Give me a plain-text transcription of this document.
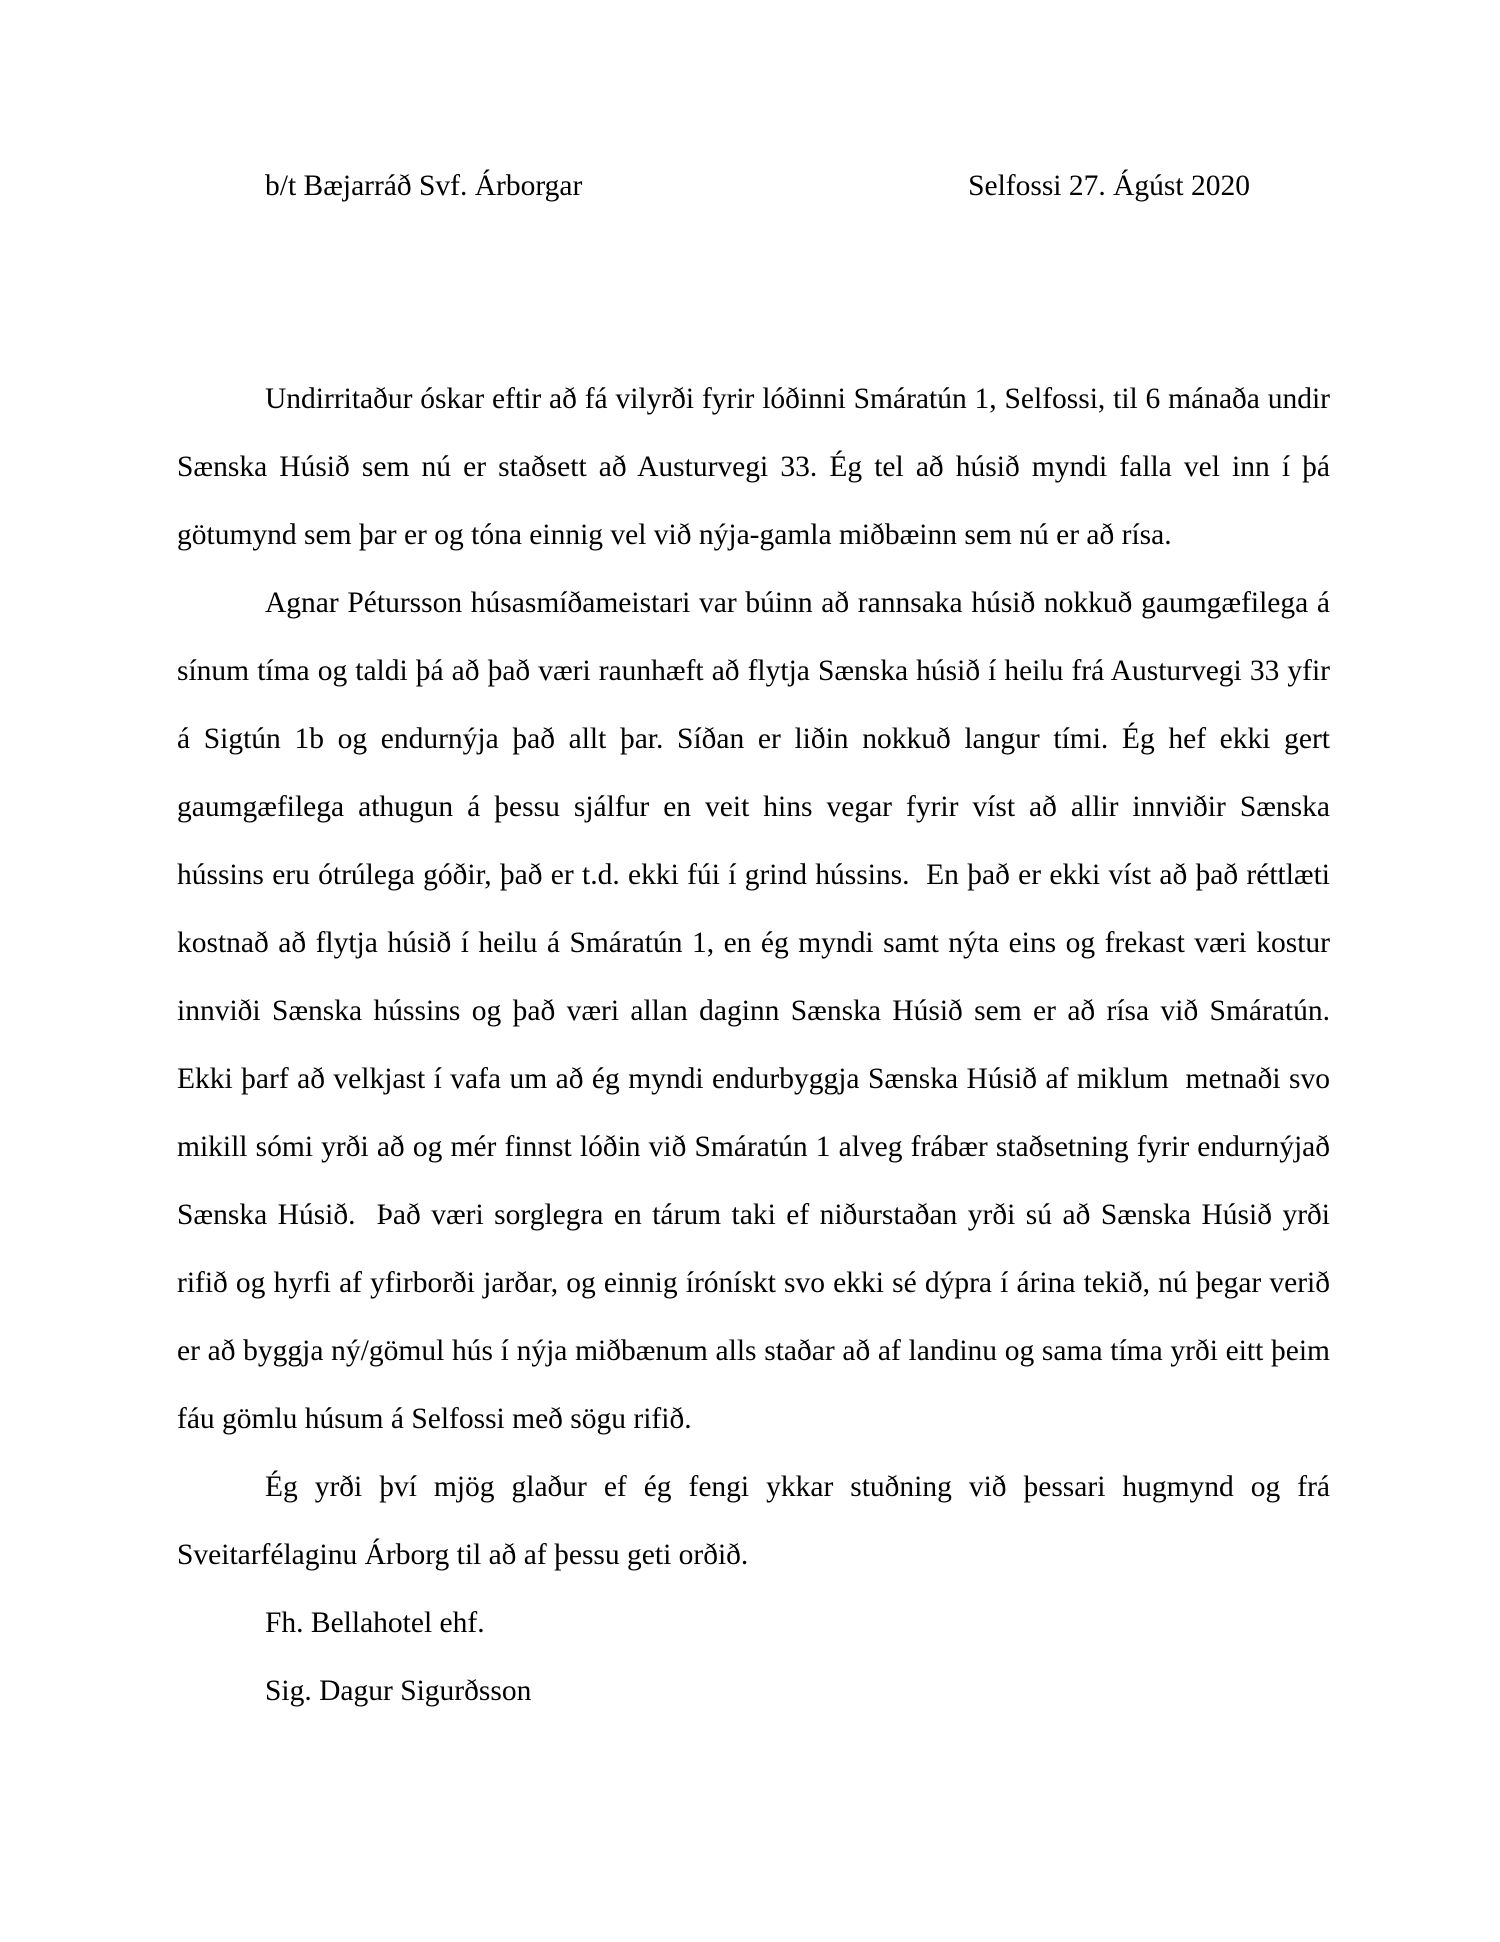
b/t Bæjarráð Svf. Árborgar	Selfossi 27. Ágúst 2020

Undirritaður óskar eftir að fá vilyrði fyrir lóðinni Smáratún 1, Selfossi, til 6 mánaða undir Sænska Húsið sem nú er staðsett að Austurvegi 33. Ég tel að húsið myndi falla vel inn í þá götumynd sem þar er og tóna einnig vel við nýja-gamla miðbæinn sem nú er að rísa.

Agnar Pétursson húsasmíðameistari var búinn að rannsaka húsið nokkuð gaumgæfilega á sínum tíma og taldi þá að það væri raunhæft að flytja Sænska húsið í heilu frá Austurvegi 33 yfir á Sigtún 1b og endurnýja það allt þar. Síðan er liðin nokkuð langur tími. Ég hef ekki gert gaumgæfilega athugun á þessu sjálfur en veit hins vegar fyrir víst að allir innviðir Sænska hússins eru ótrúlega góðir, það er t.d. ekki fúi í grind hússins.  En það er ekki víst að það réttlæti kostnað að flytja húsið í heilu á Smáratún 1, en ég myndi samt nýta eins og frekast væri kostur innviði Sænska hússins og það væri allan daginn Sænska Húsið sem er að rísa við Smáratún.  Ekki þarf að velkjast í vafa um að ég myndi endurbyggja Sænska Húsið af miklum  metnaði svo mikill sómi yrði að og mér finnst lóðin við Smáratún 1 alveg frábær staðsetning fyrir endurnýjað Sænska Húsið.  Það væri sorglegra en tárum taki ef niðurstaðan yrði sú að Sænska Húsið yrði rifið og hyrfi af yfirborði jarðar, og einnig írónískt svo ekki sé dýpra í árina tekið, nú þegar verið er að byggja ný/gömul hús í nýja miðbænum alls staðar að af landinu og sama tíma yrði eitt þeim fáu gömlu húsum á Selfossi með sögu rifið.

Ég yrði því mjög glaður ef ég fengi ykkar stuðning við þessari hugmynd og frá Sveitarfélaginu Árborg til að af þessu geti orðið.

Fh. Bellahotel ehf.

Sig. Dagur Sigurðsson
